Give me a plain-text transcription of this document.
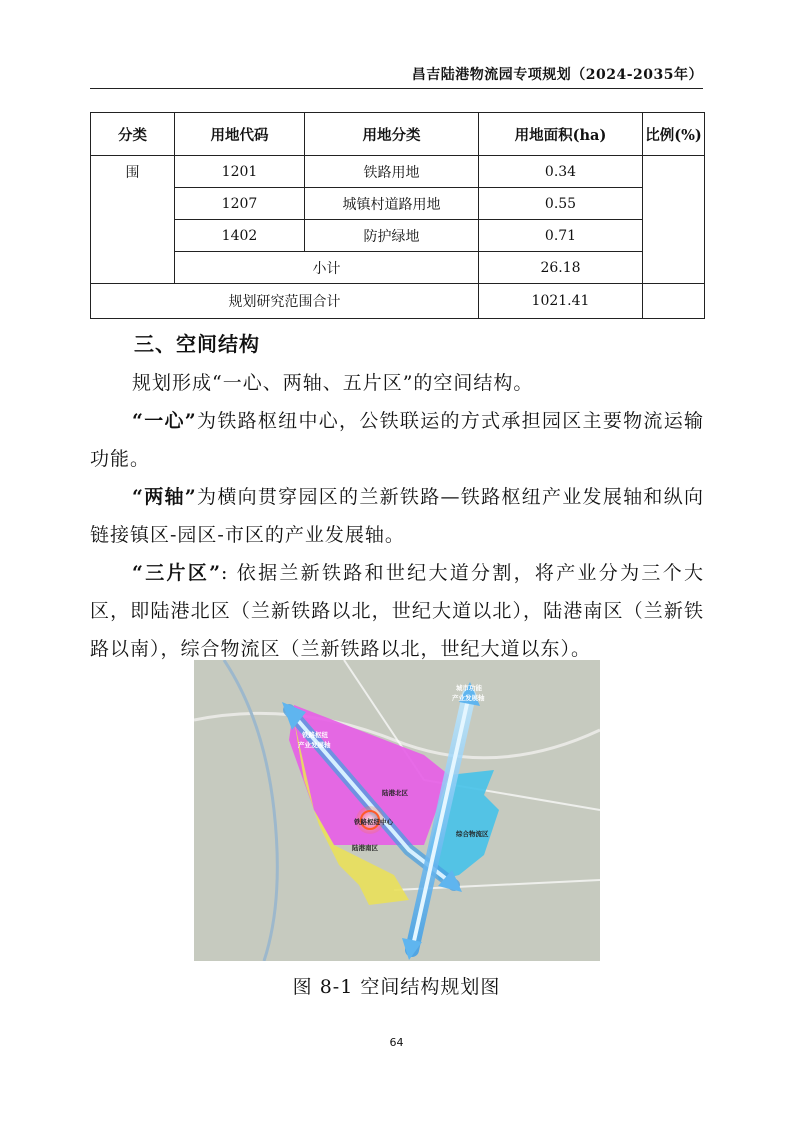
昌吉陆港物流园专项规划（2024-2035年）
分类	用地代码	用地分类	用地面积(ha)	比例(%)
围	1201	铁路用地	0.34	
	1207	城镇村道路用地	0.55	
	1402	防护绿地	0.71	
	小计		26.18	
规划研究范围合计			1021.41	
三、空间结构

规划形成“一心、两轴、五片区”的空间结构。

“一心”为铁路枢纽中心，公铁联运的方式承担园区主要物流运输功能。

“两轴”为横向贯穿园区的兰新铁路—铁路枢纽产业发展轴和纵向链接镇区-园区-市区的产业发展轴。

“三片区”: 依据兰新铁路和世纪大道分割，将产业分为三个大区，即陆港北区（兰新铁路以北，世纪大道以北），陆港南区（兰新铁路以南），综合物流区（兰新铁路以北，世纪大道以东）。

城市功能
产业发展轴
铁路枢纽
产业发展轴
陆港北区
铁路枢纽中心
陆港南区
综合物流区
图 8-1 空间结构规划图
64
